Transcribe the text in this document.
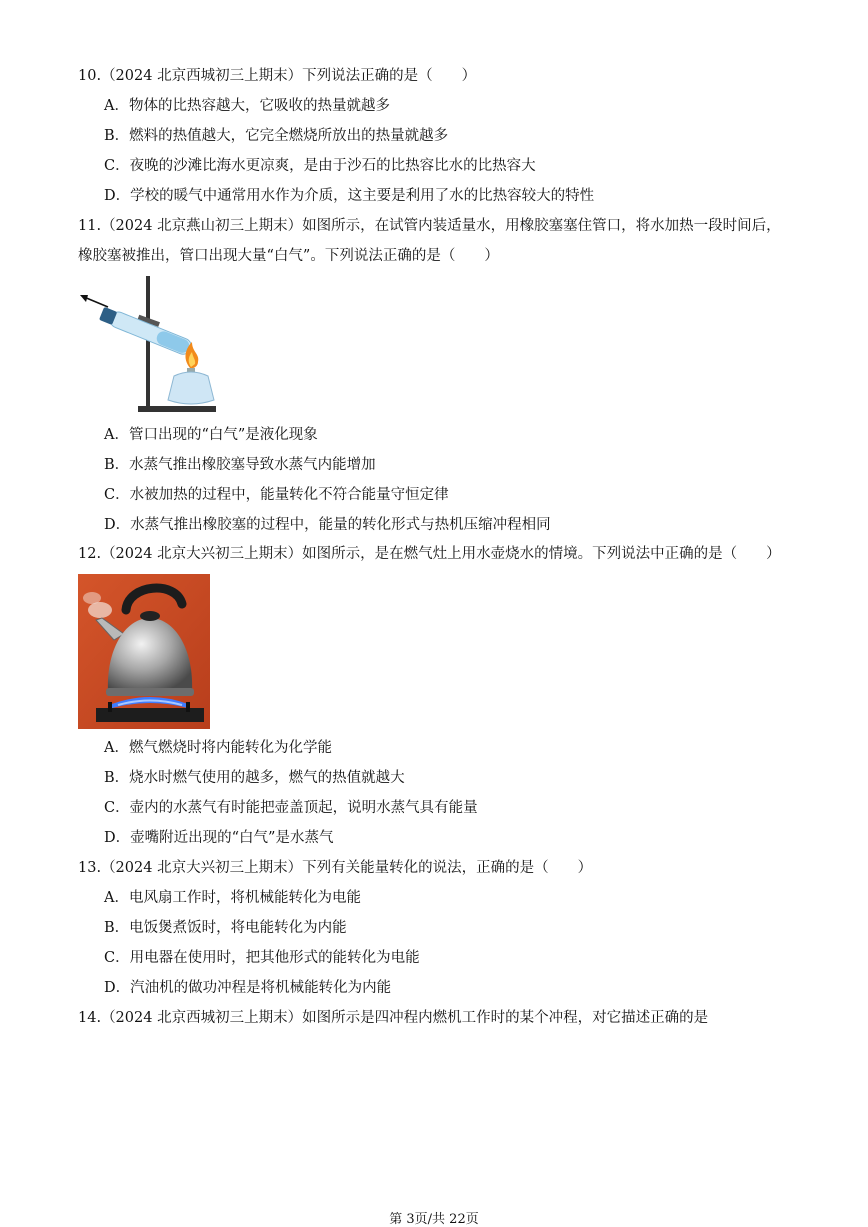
10.（2024 北京西城初三上期末）下列说法正确的是（　　）
A．物体的比热容越大，它吸收的热量就越多
B．燃料的热值越大，它完全燃烧所放出的热量就越多
C．夜晚的沙滩比海水更凉爽，是由于沙石的比热容比水的比热容大
D．学校的暖气中通常用水作为介质，这主要是利用了水的比热容较大的特性
11.（2024 北京燕山初三上期末）如图所示，在试管内装适量水，用橡胶塞塞住管口，将水加热一段时间后，
橡胶塞被推出，管口出现大量“白气”。下列说法正确的是（　　）
A．管口出现的“白气”是液化现象
B．水蒸气推出橡胶塞导致水蒸气内能增加
C．水被加热的过程中，能量转化不符合能量守恒定律
D．水蒸气推出橡胶塞的过程中，能量的转化形式与热机压缩冲程相同
12.（2024 北京大兴初三上期末）如图所示，是在燃气灶上用水壶烧水的情境。下列说法中正确的是（　　）
A．燃气燃烧时将内能转化为化学能
B．烧水时燃气使用的越多，燃气的热值就越大
C．壶内的水蒸气有时能把壶盖顶起，说明水蒸气具有能量
D．壶嘴附近出现的“白气”是水蒸气
13.（2024 北京大兴初三上期末）下列有关能量转化的说法，正确的是（　　）
A．电风扇工作时，将机械能转化为电能
B．电饭煲煮饭时，将电能转化为内能
C．用电器在使用时，把其他形式的能转化为电能
D．汽油机的做功冲程是将机械能转化为内能
14.（2024 北京西城初三上期末）如图所示是四冲程内燃机工作时的某个冲程，对它描述正确的是
第 3页/共 22页
